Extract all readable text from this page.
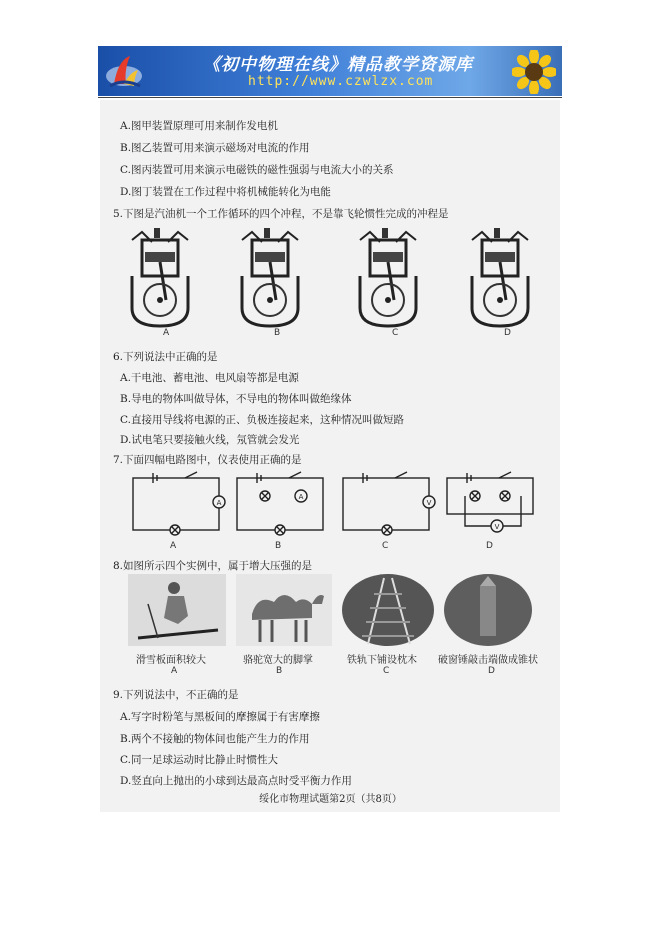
《初中物理在线》精品教学资源库
http://www.czwlzx.com
A.图甲装置原理可用来制作发电机
B.图乙装置可用来演示磁场对电流的作用
C.图丙装置可用来演示电磁铁的磁性强弱与电流大小的关系
D.图丁装置在工作过程中将机械能转化为电能
5.下图是汽油机一个工作循环的四个冲程，不是靠飞轮惯性完成的冲程是
A	B	C	D
6.下列说法中正确的是
A.干电池、蓄电池、电风扇等都是电源
B.导电的物体叫做导体，不导电的物体叫做绝缘体
C.直接用导线将电源的正、负极连接起来，这种情况叫做短路
D.试电笔只要接触火线，氖管就会发光
7.下面四幅电路图中，仪表使用正确的是
A
A
V
V
A	B	C	D
8.如图所示四个实例中，属于增大压强的是
滑雪板面积较大	骆驼宽大的脚掌	铁轨下铺设枕木 破窗锤敲击端做成锥状
A	B	C	D
9.下列说法中，不正确的是
A.写字时粉笔与黑板间的摩擦属于有害摩擦
B.两个不接触的物体间也能产生力的作用
C.同一足球运动时比静止时惯性大
D.竖直向上抛出的小球到达最高点时受平衡力作用
绥化市物理试题第2页（共8页）
